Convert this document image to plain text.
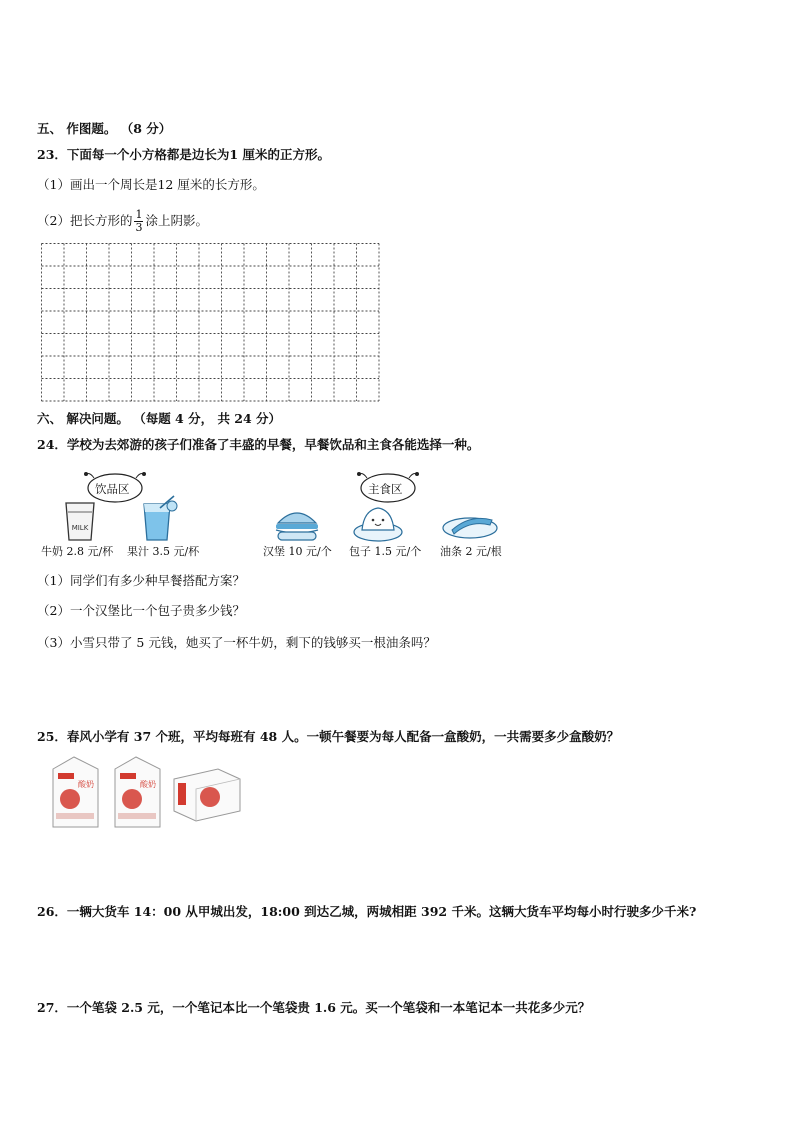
五、 作图题。 （8 分）
23．下面每一个小方格都是边长为1 厘米的正方形。
（1）画出一个周长是12 厘米的长方形。
（2）把长方形的 $\frac{1}{3}$ 涂上阴影。
六、 解决问题。 （每题 4 分， 共 24 分）
24．学校为去郊游的孩子们准备了丰盛的早餐，早餐饮品和主食各能选择一种。
饮品区	主食区
MILK
牛奶 2.8 元/杯 果汁 3.5 元/杯	汉堡 10 元/个 包子 1.5 元/个 油条 2 元/根
（1）同学们有多少种早餐搭配方案？
（2）一个汉堡比一个包子贵多少钱？
（3）小雪只带了 5 元钱，她买了一杯牛奶，剩下的钱够买一根油条吗？
25．春风小学有 37 个班，平均每班有 48 人。一顿午餐要为每人配备一盒酸奶，一共需要多少盒酸奶？
酸奶	酸奶
26．一辆大货车 14：00 从甲城出发，18:00 到达乙城，两城相距 392 千米。这辆大货车平均每小时行驶多少千米?
27．一个笔袋 2.5 元，一个笔记本比一个笔袋贵 1.6 元。买一个笔袋和一本笔记本一共花多少元？
